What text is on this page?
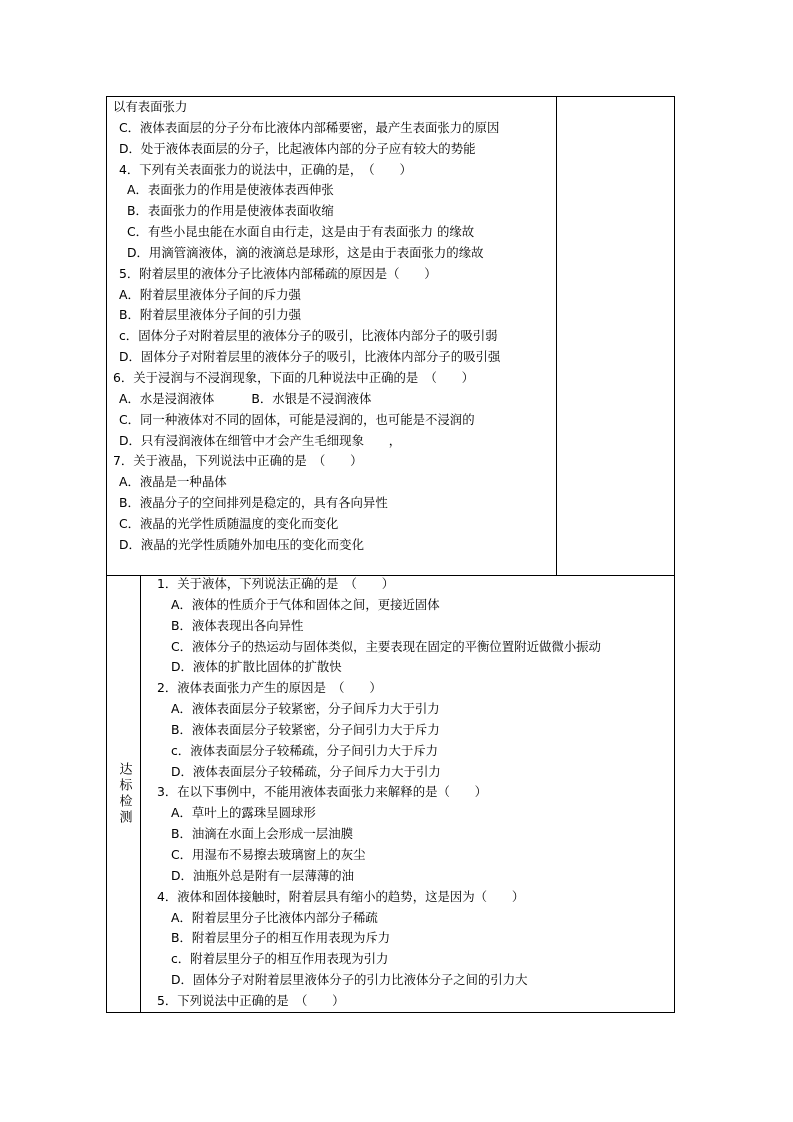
以有表面张力
C．液体表面层的分子分布比液体内部稀要密，最产生表面张力的原因
D．处于液体表面层的分子，比起液体内部的分子应有较大的势能
4．下列有关表面张力的说法中，正确的是，　（　　）
A．表面张力的作用是使液体表西伸张
B．表面张力的作用是使液体表面收缩
C．有些小昆虫能在水面自由行走，这是由于有表面张力 的缘故
D．用滴管滴液体，滴的液滴总是球形，这是由于表面张力的缘故
5．附着层里的液体分子比液体内部稀疏的原因是（　　）
A．附着层里液体分子间的斥力强
B．附着层里液体分子间的引力强
c．固体分子对附着层里的液体分子的吸引，比液体内部分子的吸引弱
D．固体分子对附着层里的液体分子的吸引，比液体内部分子的吸引强
6．关于浸润与不浸润现象，下面的几种说法中正确的是　（　　）
A．水是浸润液体　　　B．水银是不浸润液体
C．同一种液体对不同的固体，可能是浸润的，也可能是不浸润的
D．只有浸润液体在细管中才会产生毛细现象　　，
7．关于液晶，下列说法中正确的是　（　　）
A．液晶是一种晶体
B．液晶分子的空间排列是稳定的，具有各向异性
C．液晶的光学性质随温度的变化而变化
D．液晶的光学性质随外加电压的变化而变化
达标检测
1．关于液体，下列说法正确的是　（　　）
A．液体的性质介于气体和固体之间，更接近固体
B．液体表现出各向异性
C．液体分子的热运动与固体类似，主要表现在固定的平衡位置附近做微小振动
D．液体的扩散比固体的扩散快
2．液体表面张力产生的原因是　（　　）
A．液体表面层分子较紧密，分子间斥力大于引力
B．液体表面层分子较紧密，分子间引力大于斥力
c．液体表面层分子较稀疏，分子间引力大于斥力
D．液体表面层分子较稀疏，分子间斥力大于引力
3．在以下事例中，不能用液体表面张力来解释的是（　　）
A．草叶上的露珠呈圆球形
B．油滴在水面上会形成一层油膜
C．用湿布不易擦去玻璃窗上的灰尘
D．油瓶外总是附有一层薄薄的油
4．液体和固体接触时，附着层具有缩小的趋势，这是因为（　　）
A．附着层里分子比液体内部分子稀疏
B．附着层里分子的相互作用表现为斥力
c．附着层里分子的相互作用表现为引力
D．固体分子对附着层里液体分子的引力比液体分子之间的引力大
5．下列说法中正确的是　（　　）
